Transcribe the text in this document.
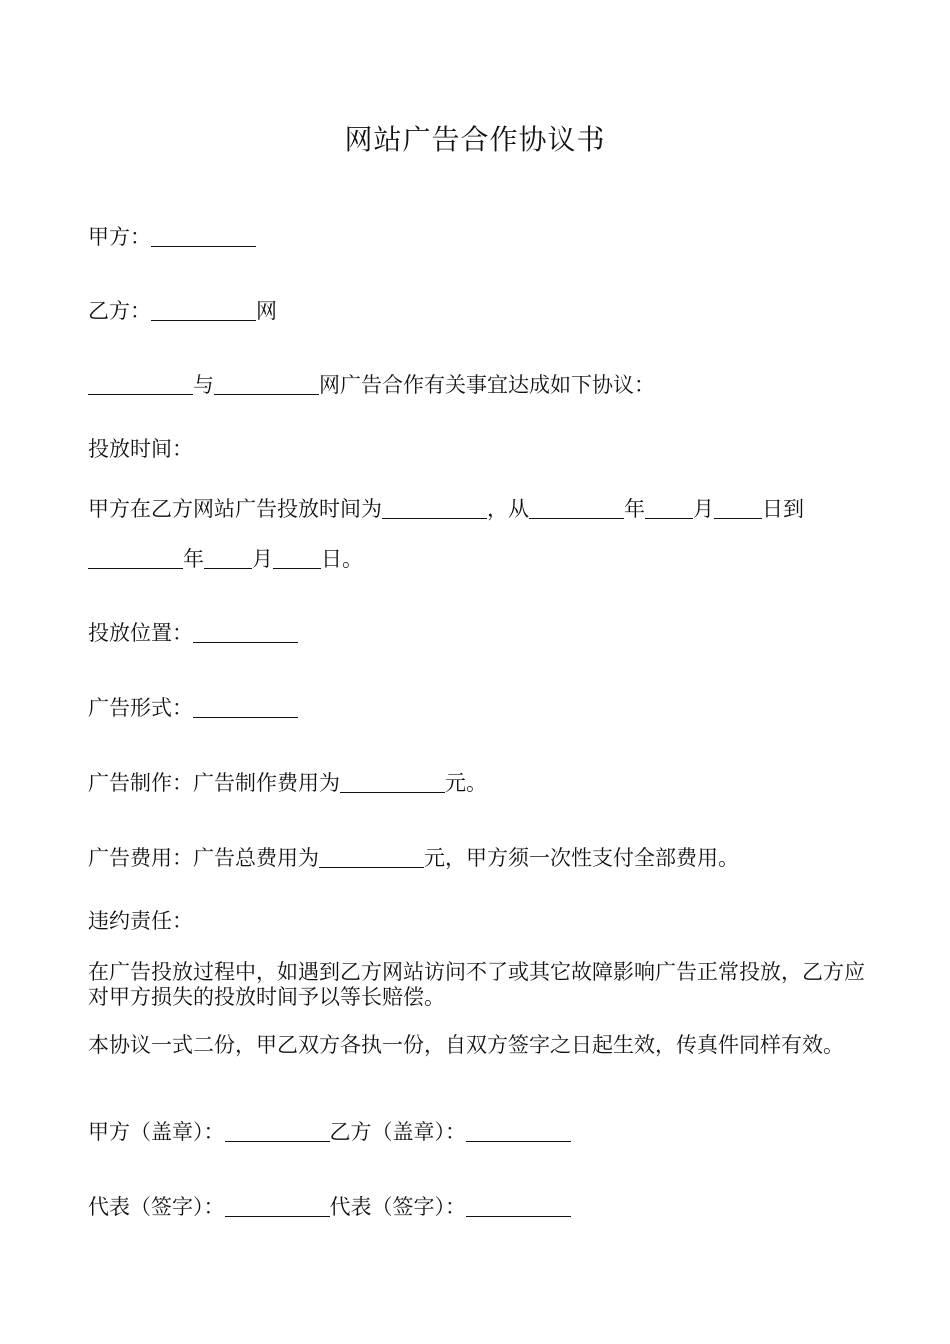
网站广告合作协议书
甲方：
乙方：	网
与	网广告合作有关事宜达成如下协议：
投放时间：
甲方在乙方网站广告投放时间为	，从	年 月 日到
年 月 日。
投放位置：
广告形式：
广告制作：广告制作费用为	元。
广告费用：广告总费用为	元，甲方须一次性支付全部费用。
违约责任：
在广告投放过程中，如遇到乙方网站访问不了或其它故障影响广告正常投放，乙方应对甲方损失的投放时间予以等长赔偿。
本协议一式二份，甲乙双方各执一份，自双方签字之日起生效，传真件同样有效。
甲方（盖章）：	乙方（盖章）：
代表（签字）：	代表（签字）：
